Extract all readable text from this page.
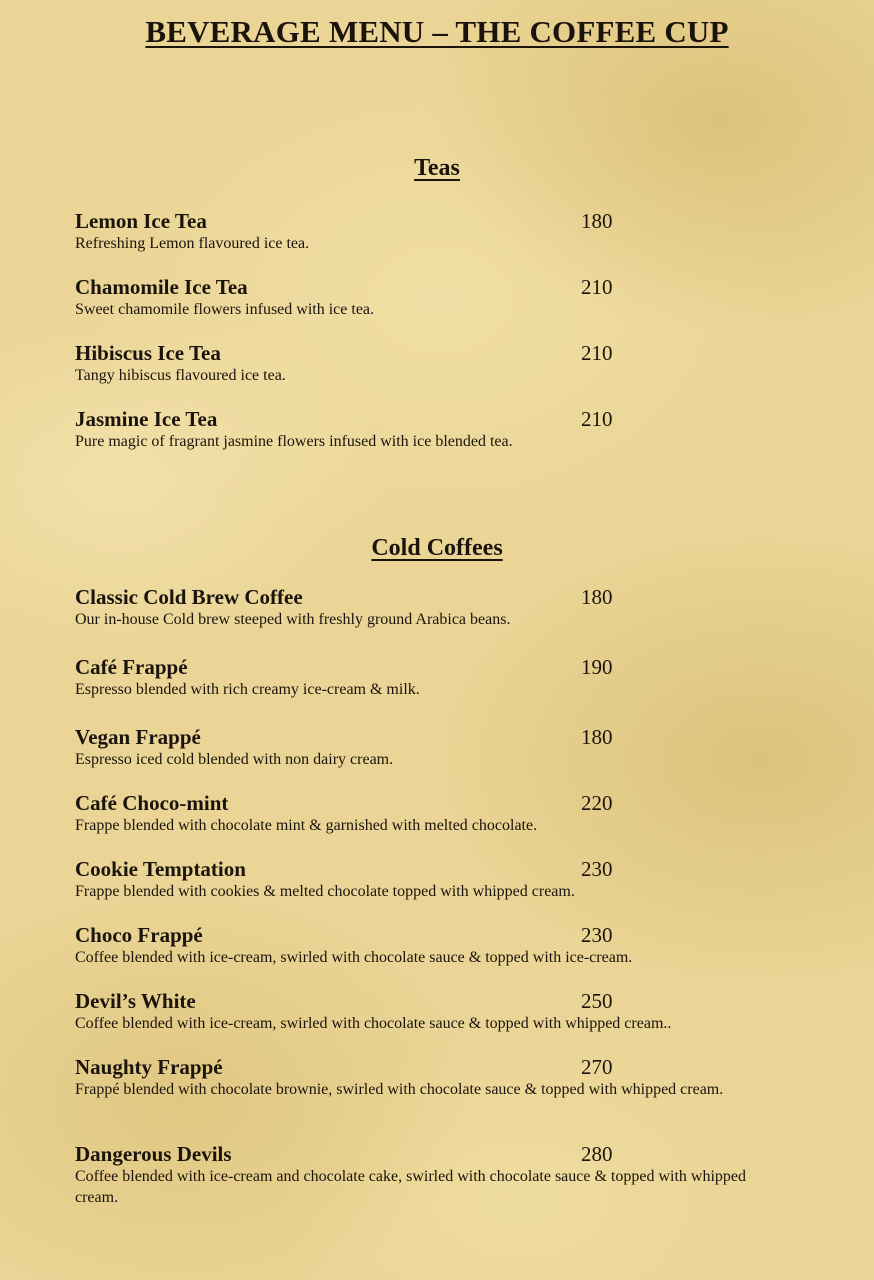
BEVERAGE MENU – THE COFFEE CUP
Teas
Lemon Ice Tea	180
Refreshing Lemon flavoured ice tea.
Chamomile Ice Tea	210
Sweet chamomile flowers infused with ice tea.
Hibiscus Ice Tea	210
Tangy hibiscus flavoured ice tea.
Jasmine Ice Tea	210
Pure magic of fragrant jasmine flowers infused with ice blended tea.
Cold Coffees
Classic Cold Brew Coffee	180
Our in-house Cold brew steeped with freshly ground Arabica beans.
Café Frappé	190
Espresso blended with rich creamy ice-cream & milk.
Vegan Frappé	180
Espresso iced cold blended with non dairy cream.
Café Choco-mint	220
Frappe blended with chocolate mint & garnished with melted chocolate.
Cookie Temptation	230
Frappe blended with cookies & melted chocolate topped with whipped cream.
Choco Frappé	230
Coffee blended with ice-cream, swirled with chocolate sauce & topped with ice-cream.
Devil’s White	250
Coffee blended with ice-cream, swirled with chocolate sauce & topped with whipped cream..
Naughty Frappé	270
Frappé blended with chocolate brownie, swirled with chocolate sauce & topped with whipped cream.
Dangerous Devils	280
Coffee blended with ice-cream and chocolate cake, swirled with chocolate sauce & topped with whipped cream.
